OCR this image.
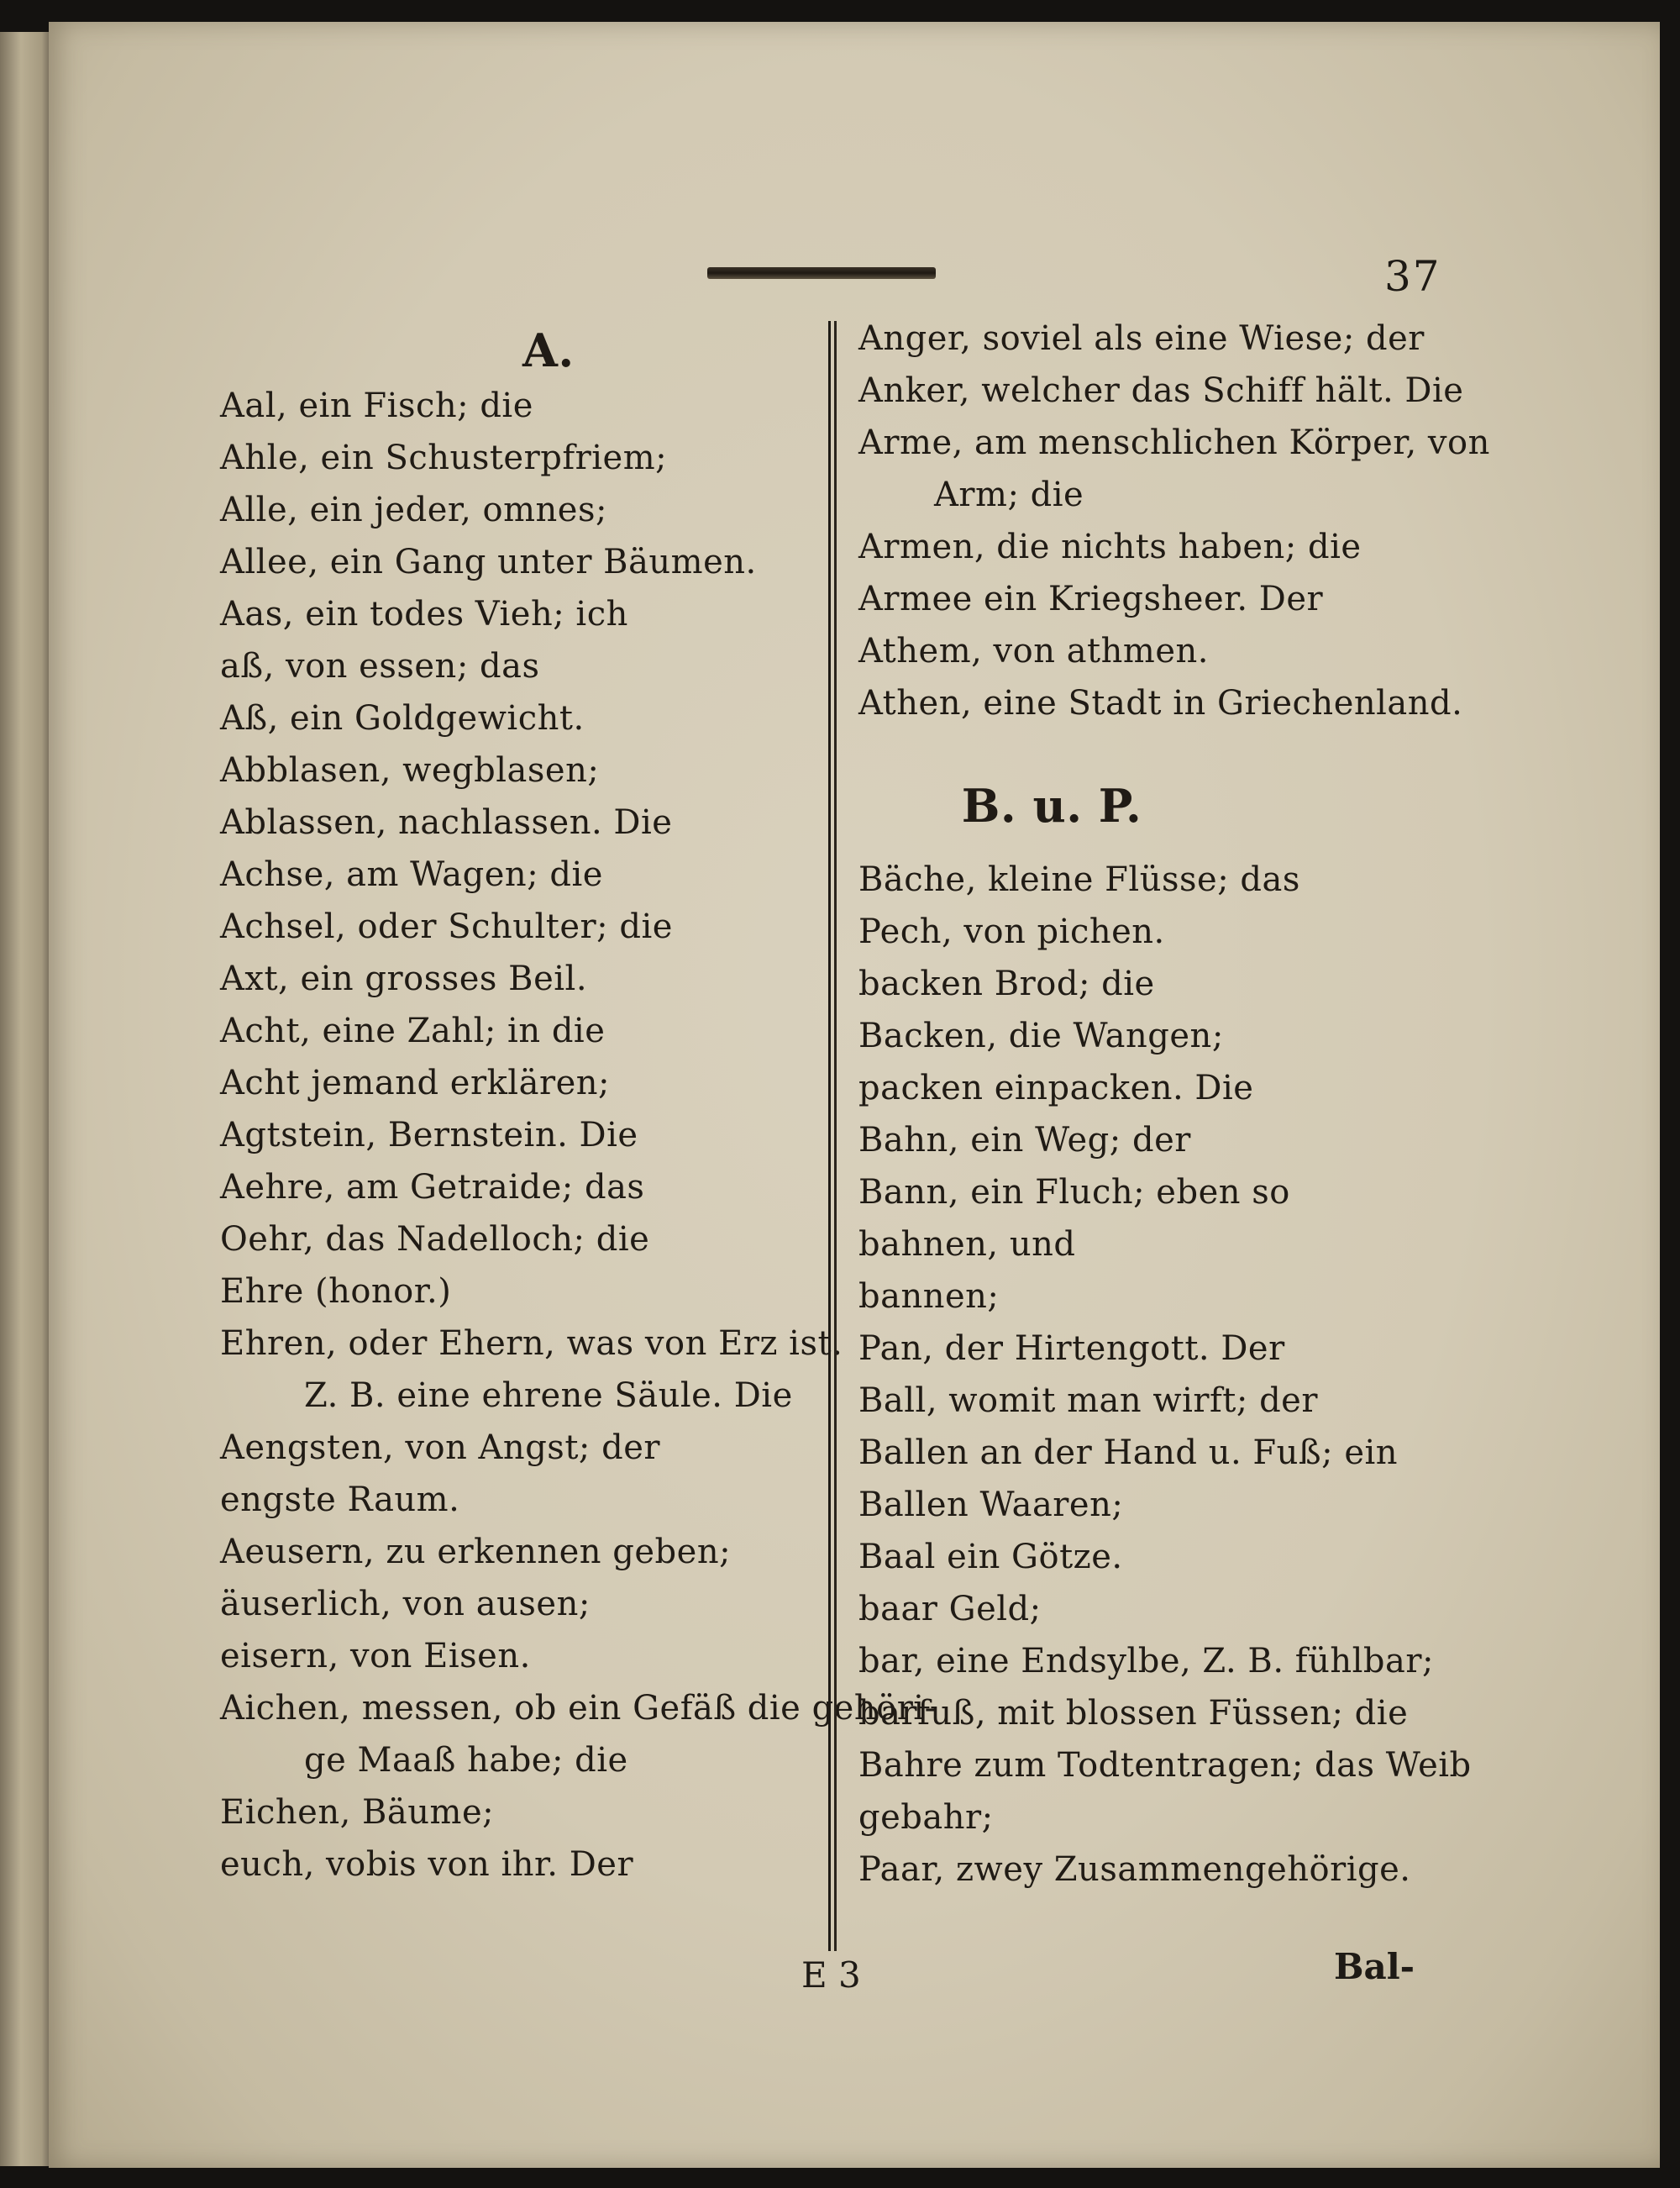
37
A.
Aal, ein Fisch; die
Ahle, ein Schusterpfriem;
Alle, ein jeder, omnes;
Allee, ein Gang unter Bäumen.
Aas, ein todes Vieh; ich
aß, von essen; das
Aß, ein Goldgewicht.
Abblasen, wegblasen;
Ablassen, nachlassen. Die
Achse, am Wagen; die
Achsel, oder Schulter; die
Axt, ein grosses Beil.
Acht, eine Zahl; in die
Acht jemand erklären;
Agtstein, Bernstein. Die
Aehre, am Getraide; das
Oehr, das Nadelloch; die
Ehre (honor.)
Ehren, oder Ehern, was von Erz ist.
Z. B. eine ehrene Säule. Die
Aengsten, von Angst; der
engste Raum.
Aeusern, zu erkennen geben;
äuserlich, von ausen;
eisern, von Eisen.
Aichen, messen, ob ein Gefäß die gehöri-
ge Maaß habe; die
Eichen, Bäume;
euch, vobis von ihr. Der
Anger, soviel als eine Wiese; der
Anker, welcher das Schiff hält. Die
Arme, am menschlichen Körper, von
Arm; die
Armen, die nichts haben; die
Armee ein Kriegsheer. Der
Athem, von athmen.
Athen, eine Stadt in Griechenland.
B. u. P.
Bäche, kleine Flüsse; das
Pech, von pichen.
backen Brod; die
Backen, die Wangen;
packen einpacken. Die
Bahn, ein Weg; der
Bann, ein Fluch; eben so
bahnen, und
bannen;
Pan, der Hirtengott. Der
Ball, womit man wirft; der
Ballen an der Hand u. Fuß; ein
Ballen Waaren;
Baal ein Götze.
baar Geld;
bar, eine Endsylbe, Z. B. fühlbar;
barfuß, mit blossen Füssen; die
Bahre zum Todtentragen; das Weib
gebahr;
Paar, zwey Zusammengehörige.
E 3	Bal-
